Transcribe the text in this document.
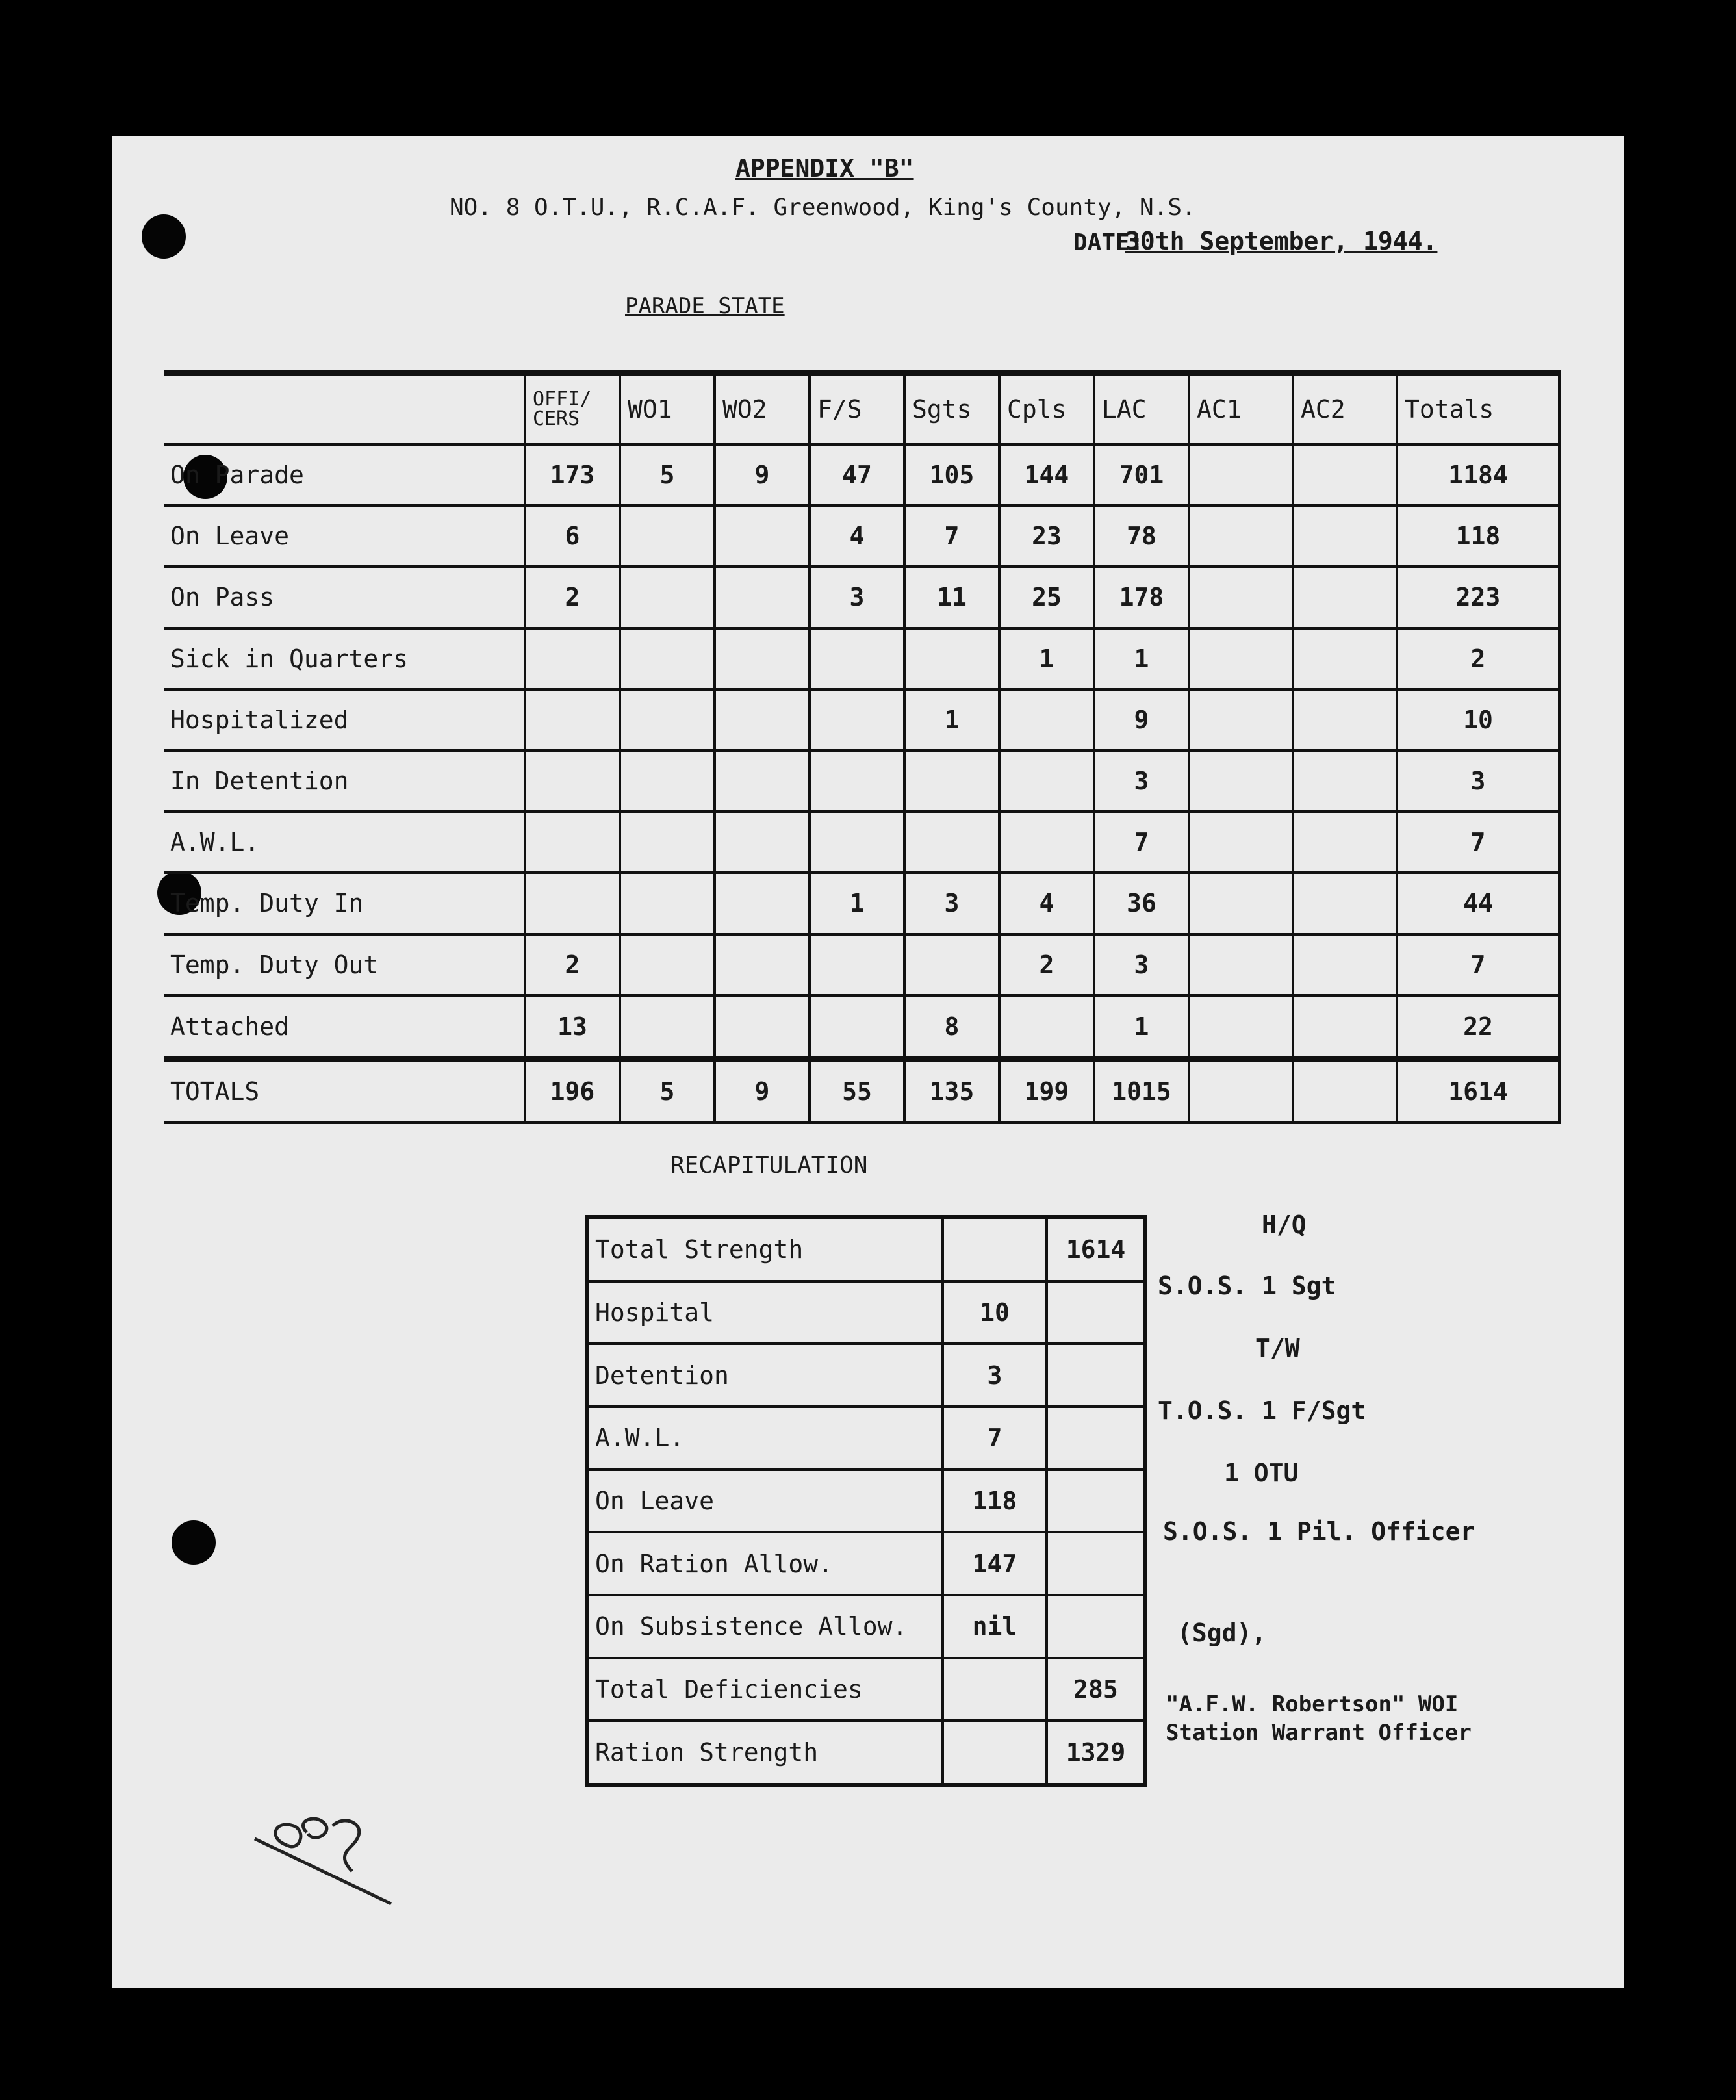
APPENDIX "B"
NO. 8 O.T.U., R.C.A.F. Greenwood, King's County, N.S.
DATE:
30th September, 1944.
PARADE STATE
	OFFI/ CERS	WO1	WO2	F/S	Sgts	Cpls	LAC	AC1	AC2	Totals
On Parade	173	5	9	47	105	144	701			1184
On Leave	6			4	7	23	78			118
On Pass	2			3	11	25	178			223
Sick in Quarters						1	1			2
Hospitalized					1		9			10
In Detention							3			3
A.W.L.							7			7
Temp. Duty In				1	3	4	36			44
Temp. Duty Out	2					2	3			7
Attached	13				8		1			22
TOTALS	196	5	9	55	135	199	1015			1614
RECAPITULATION
Total Strength		1614
Hospital	10	
Detention	3	
A.W.L.	7	
On Leave	118	
On Ration Allow.	147	
On Subsistence Allow.	nil	
Total Deficiencies		285
Ration Strength		1329
H/Q
S.O.S. 1 Sgt
T/W
T.O.S. 1 F/Sgt
1 OTU
S.O.S. 1 Pil. Officer
(Sgd),
"A.F.W. Robertson" WOI
Station Warrant Officer
